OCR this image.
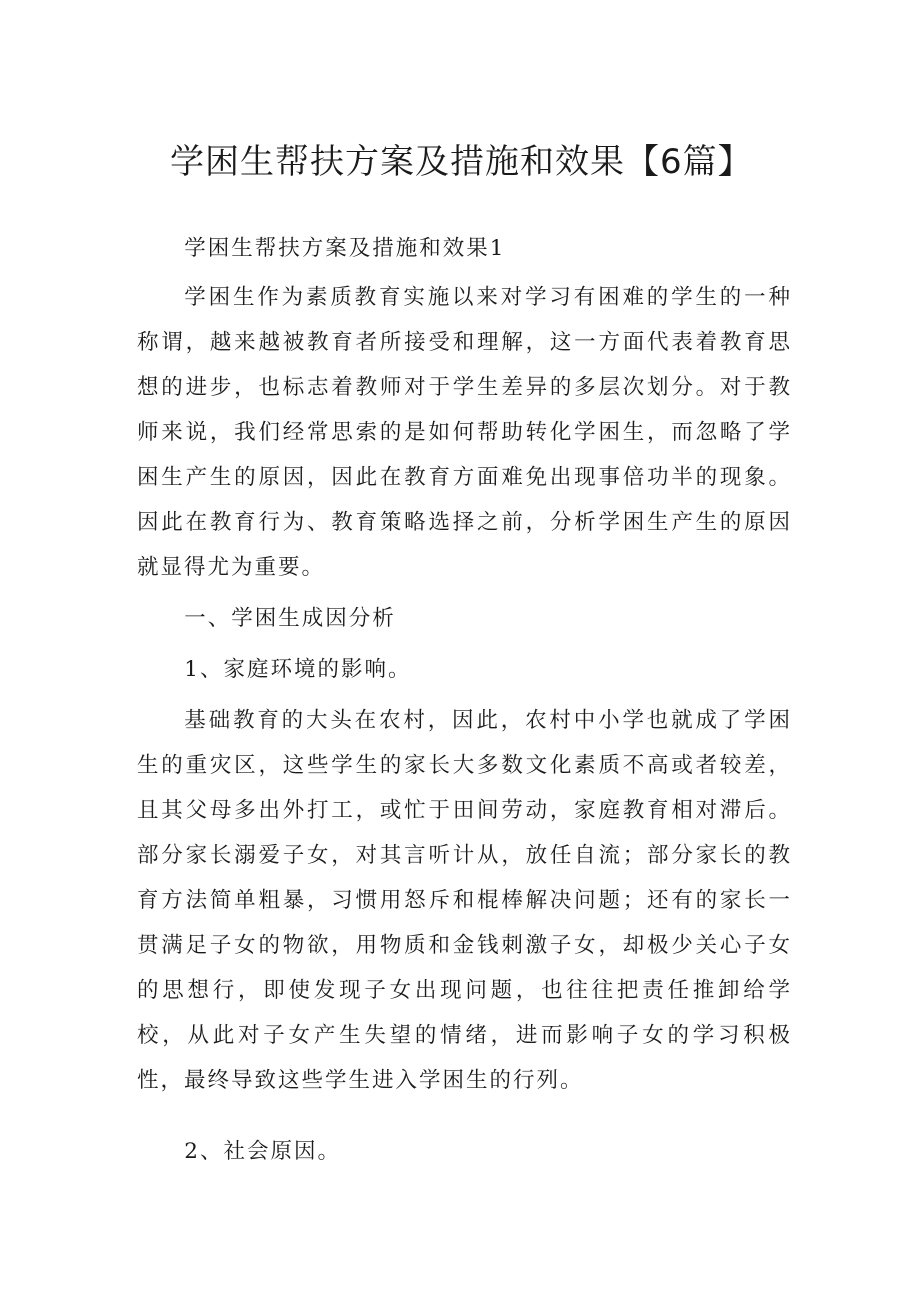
学困生帮扶方案及措施和效果【6篇】

学困生帮扶方案及措施和效果1

学困生作为素质教育实施以来对学习有困难的学生的一种称谓，越来越被教育者所接受和理解，这一方面代表着教育思想的进步，也标志着教师对于学生差异的多层次划分。对于教师来说，我们经常思索的是如何帮助转化学困生，而忽略了学困生产生的原因，因此在教育方面难免出现事倍功半的现象。因此在教育行为、教育策略选择之前，分析学困生产生的原因就显得尤为重要。

一、学困生成因分析

1、家庭环境的影响。

基础教育的大头在农村，因此，农村中小学也就成了学困生的重灾区，这些学生的家长大多数文化素质不高或者较差，且其父母多出外打工，或忙于田间劳动，家庭教育相对滞后。部分家长溺爱子女，对其言听计从，放任自流；部分家长的教育方法简单粗暴，习惯用怒斥和棍棒解决问题；还有的家长一贯满足子女的物欲，用物质和金钱刺激子女，却极少关心子女的思想行，即使发现子女出现问题，也往往把责任推卸给学校，从此对子女产生失望的情绪，进而影响子女的学习积极性，最终导致这些学生进入学困生的行列。

2、社会原因。
